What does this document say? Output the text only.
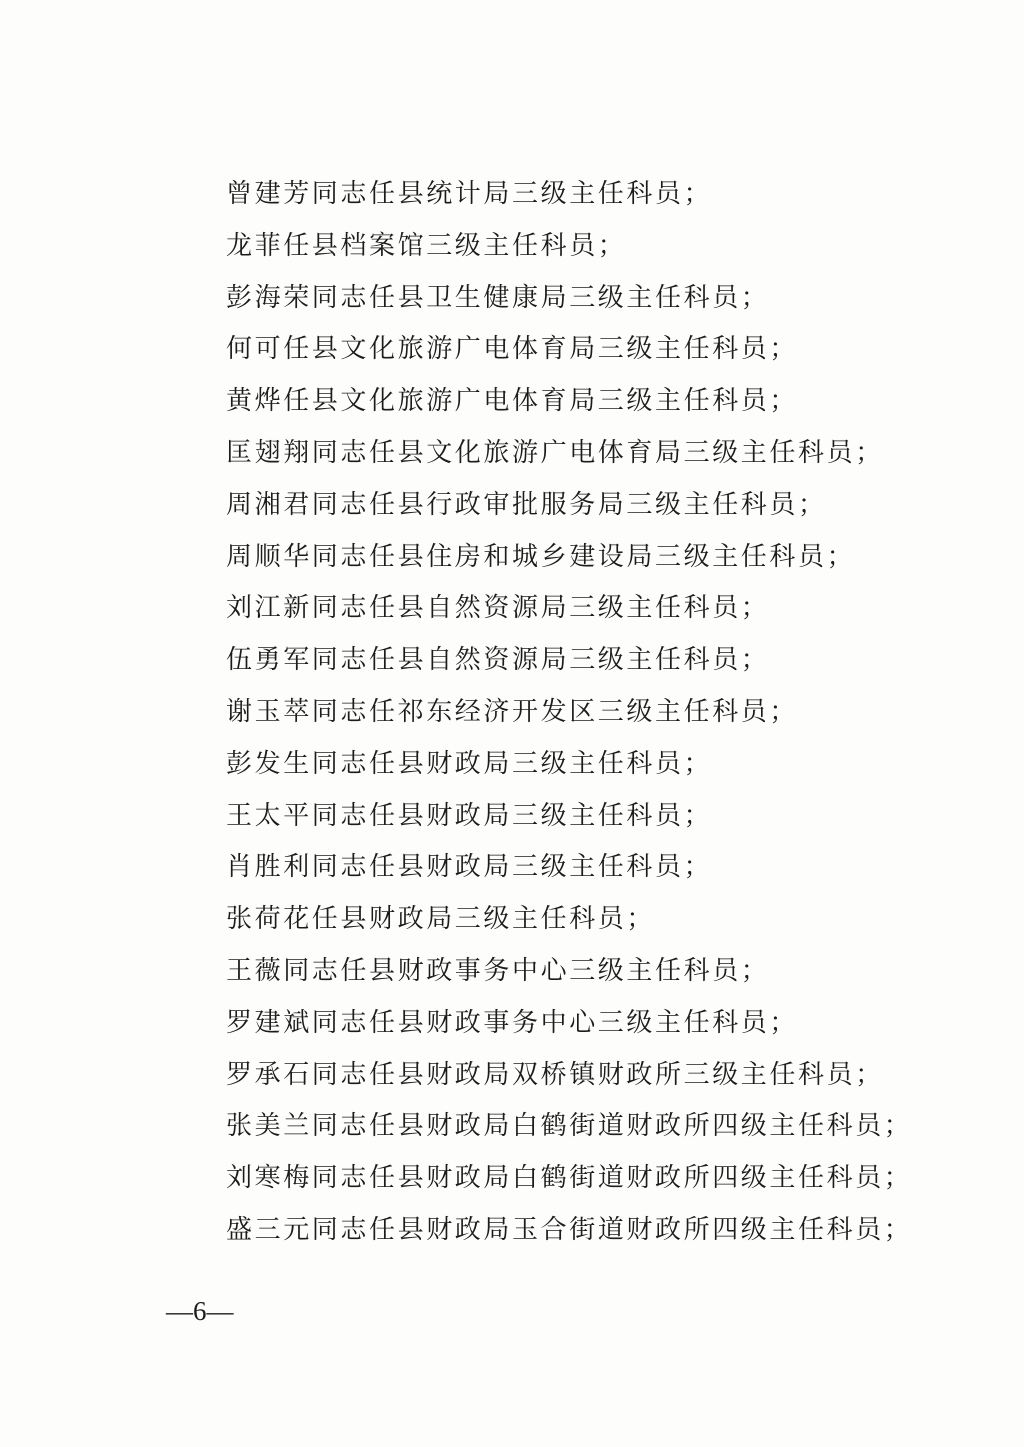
曾建芳同志任县统计局三级主任科员；
龙菲任县档案馆三级主任科员；
彭海荣同志任县卫生健康局三级主任科员；
何可任县文化旅游广电体育局三级主任科员；
黄烨任县文化旅游广电体育局三级主任科员；
匡翅翔同志任县文化旅游广电体育局三级主任科员；
周湘君同志任县行政审批服务局三级主任科员；
周顺华同志任县住房和城乡建设局三级主任科员；
刘江新同志任县自然资源局三级主任科员；
伍勇军同志任县自然资源局三级主任科员；
谢玉萃同志任祁东经济开发区三级主任科员；
彭发生同志任县财政局三级主任科员；
王太平同志任县财政局三级主任科员；
肖胜利同志任县财政局三级主任科员；
张荷花任县财政局三级主任科员；
王薇同志任县财政事务中心三级主任科员；
罗建斌同志任县财政事务中心三级主任科员；
罗承石同志任县财政局双桥镇财政所三级主任科员；
张美兰同志任县财政局白鹤街道财政所四级主任科员；
刘寒梅同志任县财政局白鹤街道财政所四级主任科员；
盛三元同志任县财政局玉合街道财政所四级主任科员；
—6—
